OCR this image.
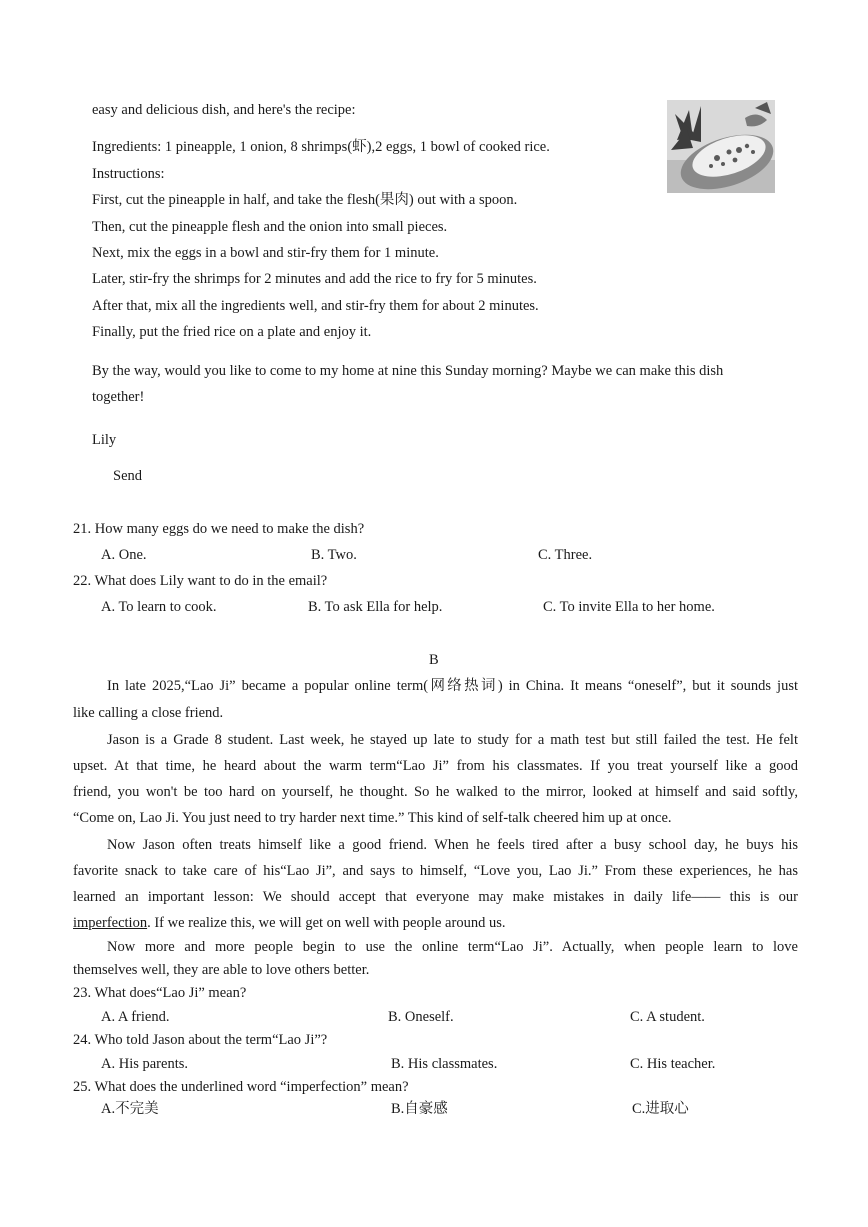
easy and delicious dish, and here's the recipe:
Ingredients: 1 pineapple, 1 onion, 8 shrimps(虾),2 eggs, 1 bowl of cooked rice.
Instructions:
First, cut the pineapple in half, and take the flesh(果肉) out with a spoon.
Then, cut the pineapple flesh and the onion into small pieces.
Next, mix the eggs in a bowl and stir-fry them for 1 minute.
Later, stir-fry the shrimps for 2 minutes and add the rice to fry for 5 minutes.
After that, mix all the ingredients well, and stir-fry them for about 2 minutes.
Finally, put the fried rice on a plate and enjoy it.
By the way, would you like to come to my home at nine this Sunday morning? Maybe we can make this dish
together!
Lily
Send
21. How many eggs do we need to make the dish?
A. One.	B. Two.	C. Three.
22. What does Lily want to do in the email?
A. To learn to cook.	B. To ask Ella for help.	C. To invite Ella to her home.
B
In late 2025,“Lao Ji” became a popular online term(网络热词) in China. It means “oneself”, but it sounds just
like calling a close friend.
Jason is a Grade 8 student. Last week, he stayed up late to study for a math test but still failed the test. He felt
upset. At that time, he heard about the warm term“Lao Ji” from his classmates. If you treat yourself like a good
friend, you won't be too hard on yourself, he thought. So he walked to the mirror, looked at himself and said softly,
“Come on, Lao Ji. You just need to try harder next time.” This kind of self-talk cheered him up at once.
Now Jason often treats himself like a good friend. When he feels tired after a busy school day, he buys his
favorite snack to take care of his“Lao Ji”, and says to himself, “Love you, Lao Ji.” From these experiences, he has
learned an important lesson: We should accept that everyone may make mistakes in daily life—— this is our
imperfection. If we realize this, we will get on well with people around us.
Now more and more people begin to use the online term“Lao Ji”. Actually, when people learn to love
themselves well, they are able to love others better.
23. What does“Lao Ji” mean?
A. A friend.	B. Oneself.	C. A student.
24. Who told Jason about the term“Lao Ji”?
A. His parents.	B. His classmates.	C. His teacher.
25. What does the underlined word “imperfection” mean?
A.不完美	B.自豪感	C.进取心
